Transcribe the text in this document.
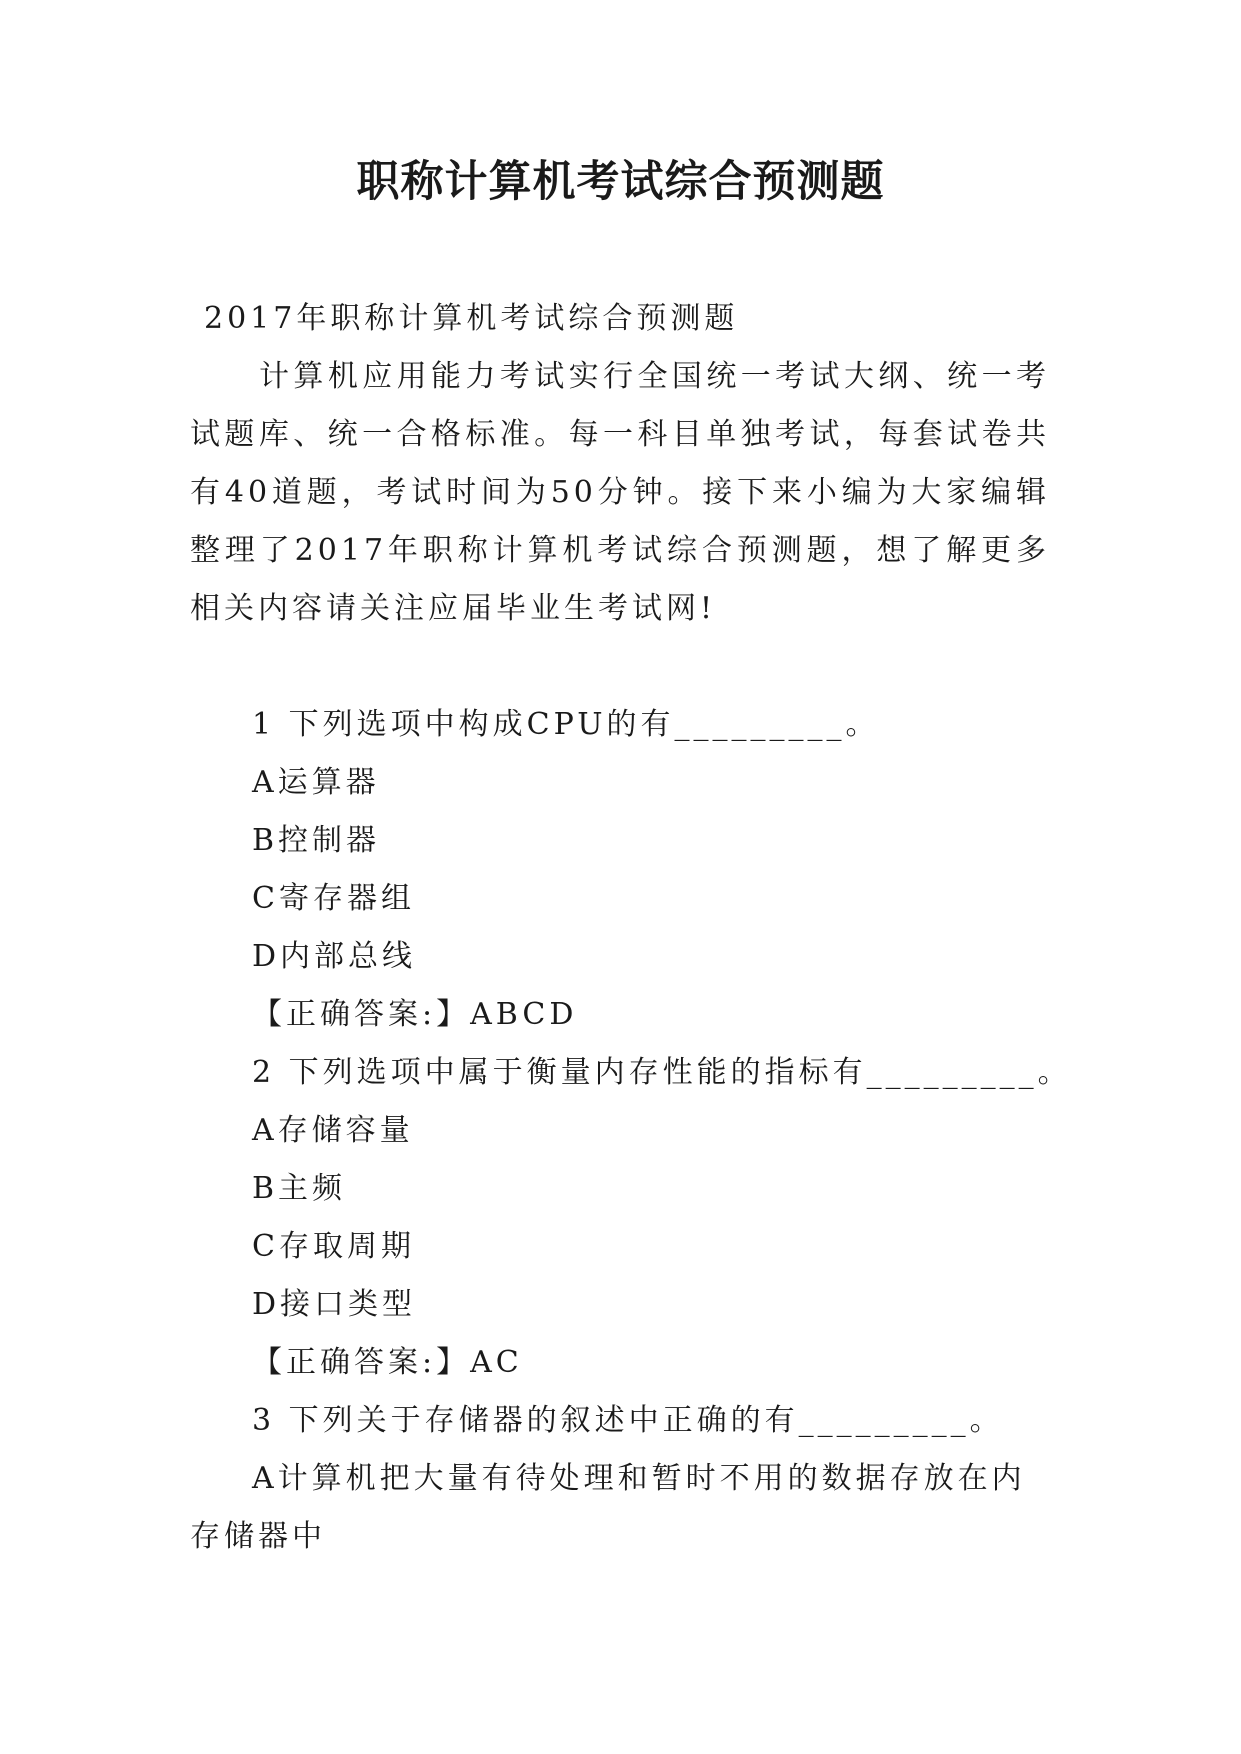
职称计算机考试综合预测题

2017年职称计算机考试综合预测题

计算机应用能力考试实行全国统一考试大纲、统一考试题库、统一合格标准。每一科目单独考试，每套试卷共有40道题，考试时间为50分钟。接下来小编为大家编辑整理了2017年职称计算机考试综合预测题，想了解更多相关内容请关注应届毕业生考试网!

1 下列选项中构成CPU的有_________。

A运算器

B控制器

C寄存器组

D内部总线

【正确答案:】ABCD

2 下列选项中属于衡量内存性能的指标有_________。

A存储容量

B主频

C存取周期

D接口类型

【正确答案:】AC

3 下列关于存储器的叙述中正确的有_________。

A计算机把大量有待处理和暂时不用的数据存放在内存储器中
